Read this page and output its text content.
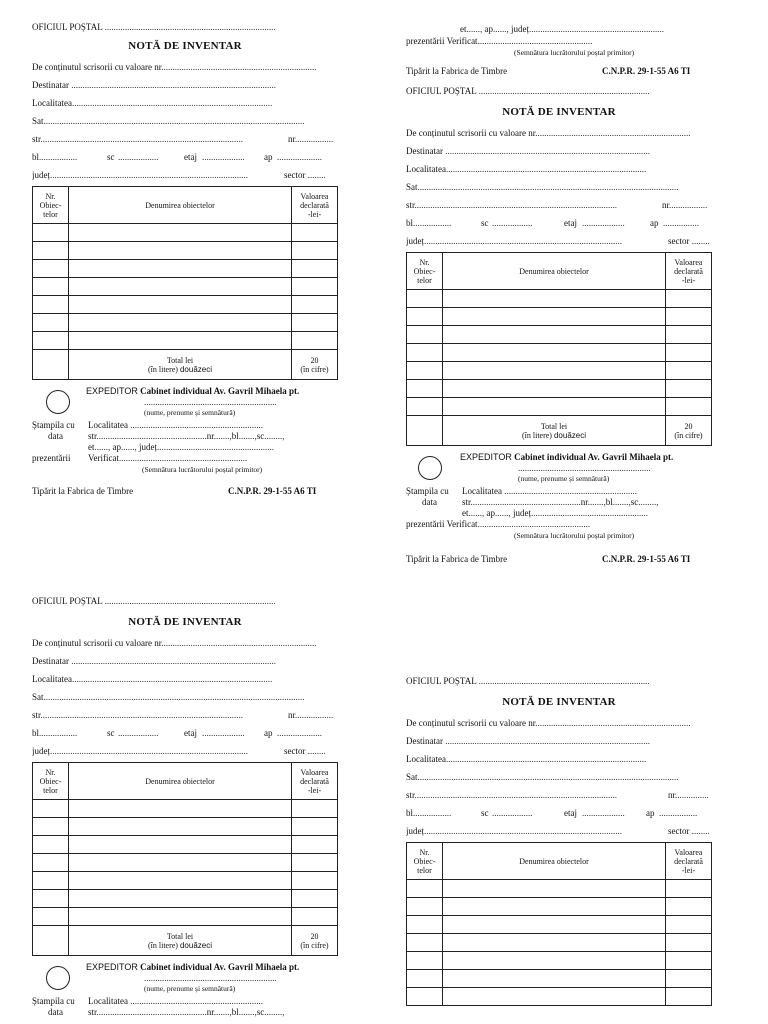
OFICIUL POȘTAL ............................................................................
NOTĂ DE INVENTAR
De conținutul scrisorii cu valoare nr.....................................................................
Destinatar ...........................................................................................
Localitatea.........................................................................................
Sat....................................................................................................................
str..........................................................................................	nr.................
bl.................	sc ..................	etaj ................... ap ....................
județ........................................................................................	sector ........
Nr.
Obiec-
telor	Denumirea obiectelor	Valoarea
declarată
-lei-

	Total lei
(în litere) douăzeci	20
(în cifre)
EXPEDITOR Cabinet individual Av. Gavril Mihaela pt.
...........................................................
(nume, prenume și semnătură)
Ștampila cu Localitatea ...........................................................
data	str.................................................nr.......,bl.......,sc........,
et......, ap......, județ....................................................
prezentării Verificat.........................................................
(Semnătura lucrătorului poștal primitor)
Tipărit la Fabrica de Timbre	C.N.P.R. 29-1-55 A6 TI
et......, ap......, județ............................................................
prezentării Verificat...................................................
(Semnătura lucrătorului poștal primitor)
Tipărit la Fabrica de Timbre	C.N.P.R. 29-1-55 A6 TI
OFICIUL POȘTAL ............................................................................
NOTĂ DE INVENTAR
De conținutul scrisorii cu valoare nr.....................................................................
Destinatar ...........................................................................................
Localitatea.........................................................................................
Sat....................................................................................................................
str..........................................................................................	nr.................
bl.................	sc ..................	etaj ...................	ap ................
județ........................................................................................	sector ........
Nr.
Obiec-
telor	Denumirea obiectelor	Valoarea
declarată
-lei-

	Total lei
(în litere) douăzeci	20
(în cifre)
EXPEDITOR Cabinet individual Av. Gavril Mihaela pt.
...........................................................
(nume, prenume și semnătură)
Ștampila cu Localitatea ...........................................................
data	str.................................................nr.......,bl.......,sc........,
et......, ap......, județ....................................................
prezentării Verificat..................................................
(Semnătura lucrătorului poștal primitor)
Tipărit la Fabrica de Timbre	C.N.P.R. 29-1-55 A6 TI
OFICIUL POȘTAL ............................................................................
NOTĂ DE INVENTAR
De conținutul scrisorii cu valoare nr.....................................................................
Destinatar ...........................................................................................
Localitatea.........................................................................................
Sat....................................................................................................................
str..........................................................................................	nr.................
bl.................	sc ..................	etaj ................... ap ....................
județ........................................................................................	sector ........
Nr.
Obiec-
telor	Denumirea obiectelor	Valoarea
declarată
-lei-

	Total lei
(în litere) douăzeci	20
(în cifre)
EXPEDITOR Cabinet individual Av. Gavril Mihaela pt.
...........................................................
(nume, prenume și semnătură)
Ștampila cu Localitatea ...........................................................
data	str.................................................nr.......,bl.......,sc........,
OFICIUL POȘTAL ............................................................................
NOTĂ DE INVENTAR
De conținutul scrisorii cu valoare nr.....................................................................
Destinatar ...........................................................................................
Localitatea.........................................................................................
Sat....................................................................................................................
str..........................................................................................	nr...............
bl.................	sc ..................	etaj ................... ap .................
județ........................................................................................	sector ........
Nr.
Obiec-
telor	Denumirea obiectelor	Valoarea
declarată
-lei-
